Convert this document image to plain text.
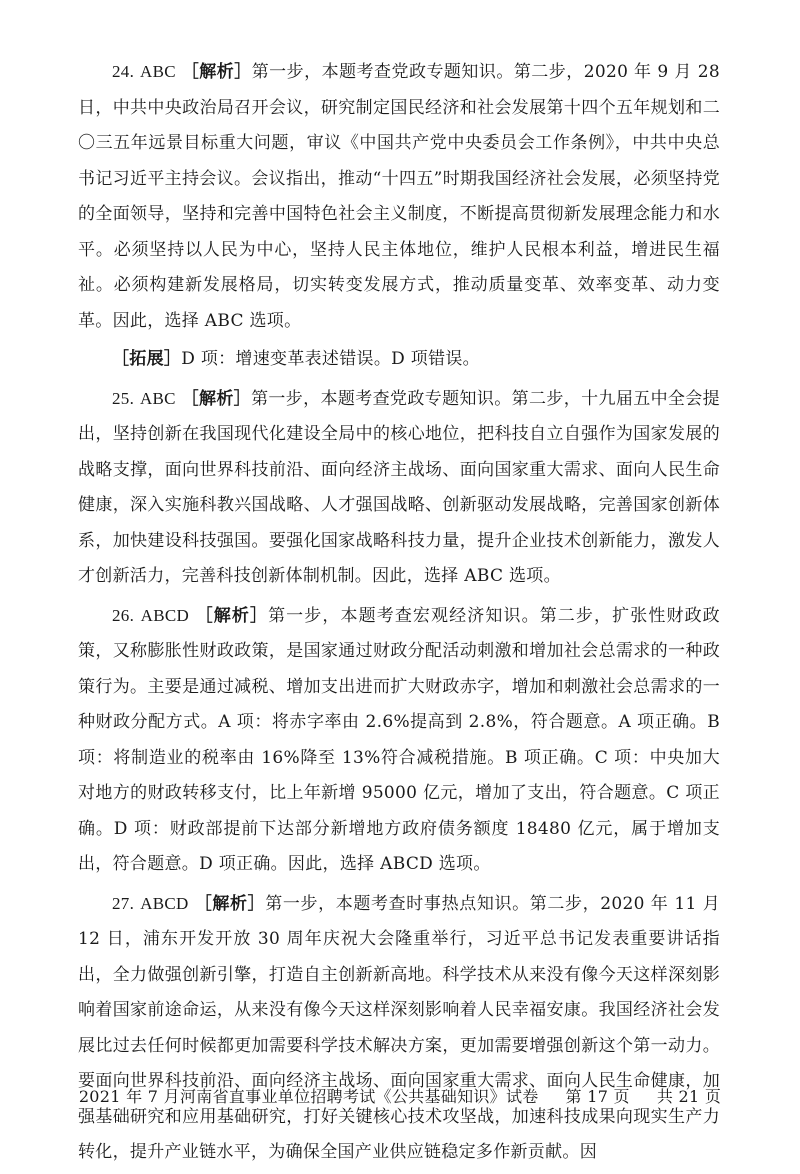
24. ABC ［解析］第一步，本题考查党政专题知识。第二步，2020 年 9 月 28 日，中共中央政治局召开会议，研究制定国民经济和社会发展第十四个五年规划和二〇三五年远景目标重大问题，审议《中国共产党中央委员会工作条例》，中共中央总书记习近平主持会议。会议指出，推动“十四五”时期我国经济社会发展，必须坚持党的全面领导，坚持和完善中国特色社会主义制度，不断提高贯彻新发展理念能力和水平。必须坚持以人民为中心，坚持人民主体地位，维护人民根本利益，增进民生福祉。必须构建新发展格局，切实转变发展方式，推动质量变革、效率变革、动力变革。因此，选择 ABC 选项。

［拓展］D 项：增速变革表述错误。D 项错误。

25. ABC ［解析］第一步，本题考查党政专题知识。第二步，十九届五中全会提出，坚持创新在我国现代化建设全局中的核心地位，把科技自立自强作为国家发展的战略支撑，面向世界科技前沿、面向经济主战场、面向国家重大需求、面向人民生命健康，深入实施科教兴国战略、人才强国战略、创新驱动发展战略，完善国家创新体系，加快建设科技强国。要强化国家战略科技力量，提升企业技术创新能力，激发人才创新活力，完善科技创新体制机制。因此，选择 ABC 选项。

26. ABCD ［解析］第一步，本题考查宏观经济知识。第二步，扩张性财政政策，又称膨胀性财政政策，是国家通过财政分配活动刺激和增加社会总需求的一种政策行为。主要是通过减税、增加支出进而扩大财政赤字，增加和刺激社会总需求的一种财政分配方式。A 项：将赤字率由 2.6%提高到 2.8%，符合题意。A 项正确。B 项：将制造业的税率由 16%降至 13%符合减税措施。B 项正确。C 项：中央加大对地方的财政转移支付，比上年新增 95000 亿元，增加了支出，符合题意。C 项正确。D 项：财政部提前下达部分新增地方政府债务额度 18480 亿元，属于增加支出，符合题意。D 项正确。因此，选择 ABCD 选项。

27. ABCD ［解析］第一步，本题考查时事热点知识。第二步，2020 年 11 月 12 日，浦东开发开放 30 周年庆祝大会隆重举行，习近平总书记发表重要讲话指出，全力做强创新引擎，打造自主创新新高地。科学技术从来没有像今天这样深刻影响着国家前途命运，从来没有像今天这样深刻影响着人民幸福安康。我国经济社会发展比过去任何时候都更加需要科学技术解决方案，更加需要增强创新这个第一动力。要面向世界科技前沿、面向经济主战场、面向国家重大需求、面向人民生命健康，加强基础研究和应用基础研究，打好关键核心技术攻坚战，加速科技成果向现实生产力转化，提升产业链水平，为确保全国产业供应链稳定多作新贡献。因

2021 年 7 月河南省直事业单位招聘考试《公共基础知识》试卷 第 17 页 共 21 页
